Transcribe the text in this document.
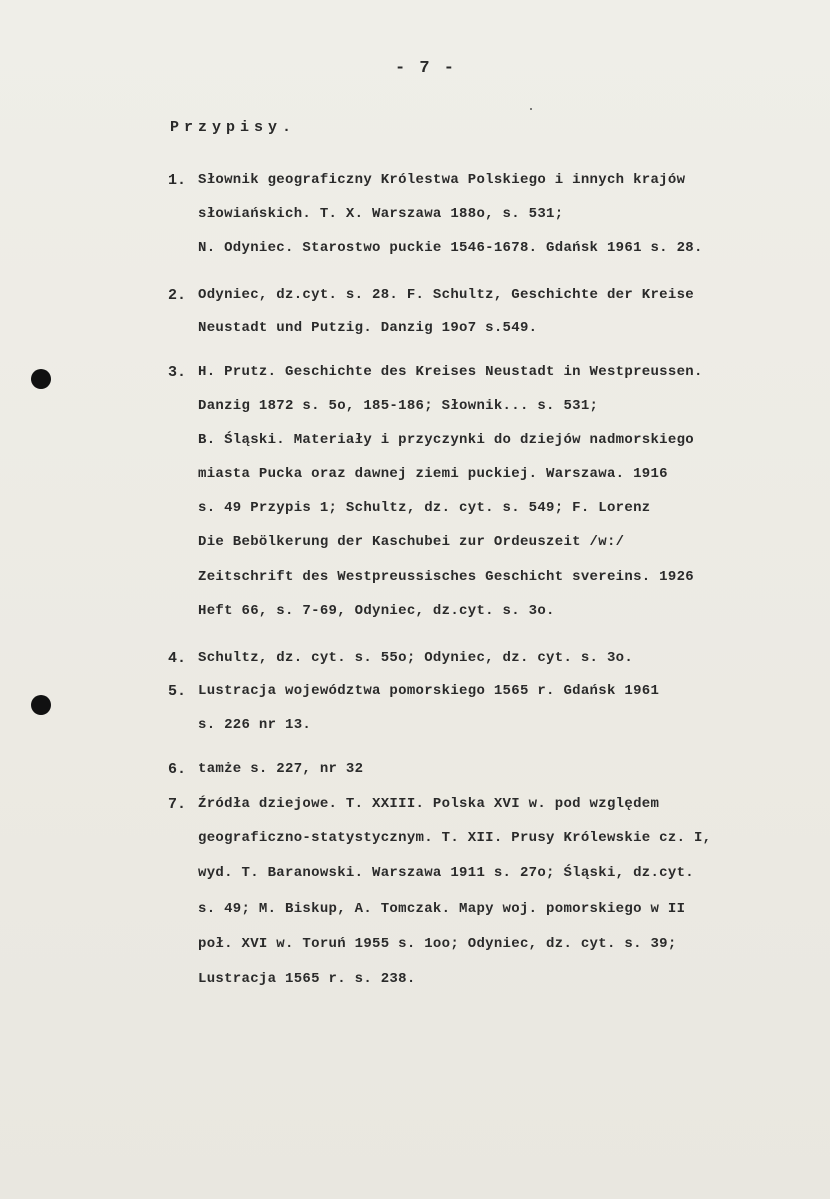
- 7 -
Przypisy.
1. Słownik geograficzny Królestwa Polskiego i innych krajów
słowiańskich. T. X. Warszawa 188o, s. 531;
N. Odyniec. Starostwo puckie 1546-1678. Gdańsk 1961 s. 28.
2. Odyniec, dz.cyt. s. 28. F. Schultz, Geschichte der Kreise
Neustadt und Putzig. Danzig 19o7 s.549.
3. H. Prutz. Geschichte des Kreises Neustadt in Westpreussen.
Danzig 1872 s. 5o, 185-186; Słownik... s. 531;
B. Śląski. Materiały i przyczynki do dziejów nadmorskiego
miasta Pucka oraz dawnej ziemi puckiej. Warszawa. 1916
s. 49 Przypis 1; Schultz, dz. cyt. s. 549; F. Lorenz
Die Bebölkerung der Kaschubei zur Ordeuszeit /w:/
Zeitschrift des Westpreussisches Geschicht svereins. 1926
Heft 66, s. 7-69, Odyniec, dz.cyt. s. 3o.
4. Schultz, dz. cyt. s. 55o; Odyniec, dz. cyt. s. 3o.
5. Lustracja województwa pomorskiego 1565 r. Gdańsk 1961
s. 226 nr 13.
6. tamże s. 227, nr 32
7. Źródła dziejowe. T. XXIII. Polska XVI w. pod względem
geograficzno-statystycznym. T. XII. Prusy Królewskie cz. I,
wyd. T. Baranowski. Warszawa 1911 s. 27o; Śląski, dz.cyt.
s. 49; M. Biskup, A. Tomczak. Mapy woj. pomorskiego w II
poł. XVI w. Toruń 1955 s. 1oo; Odyniec, dz. cyt. s. 39;
Lustracja 1565 r. s. 238.
